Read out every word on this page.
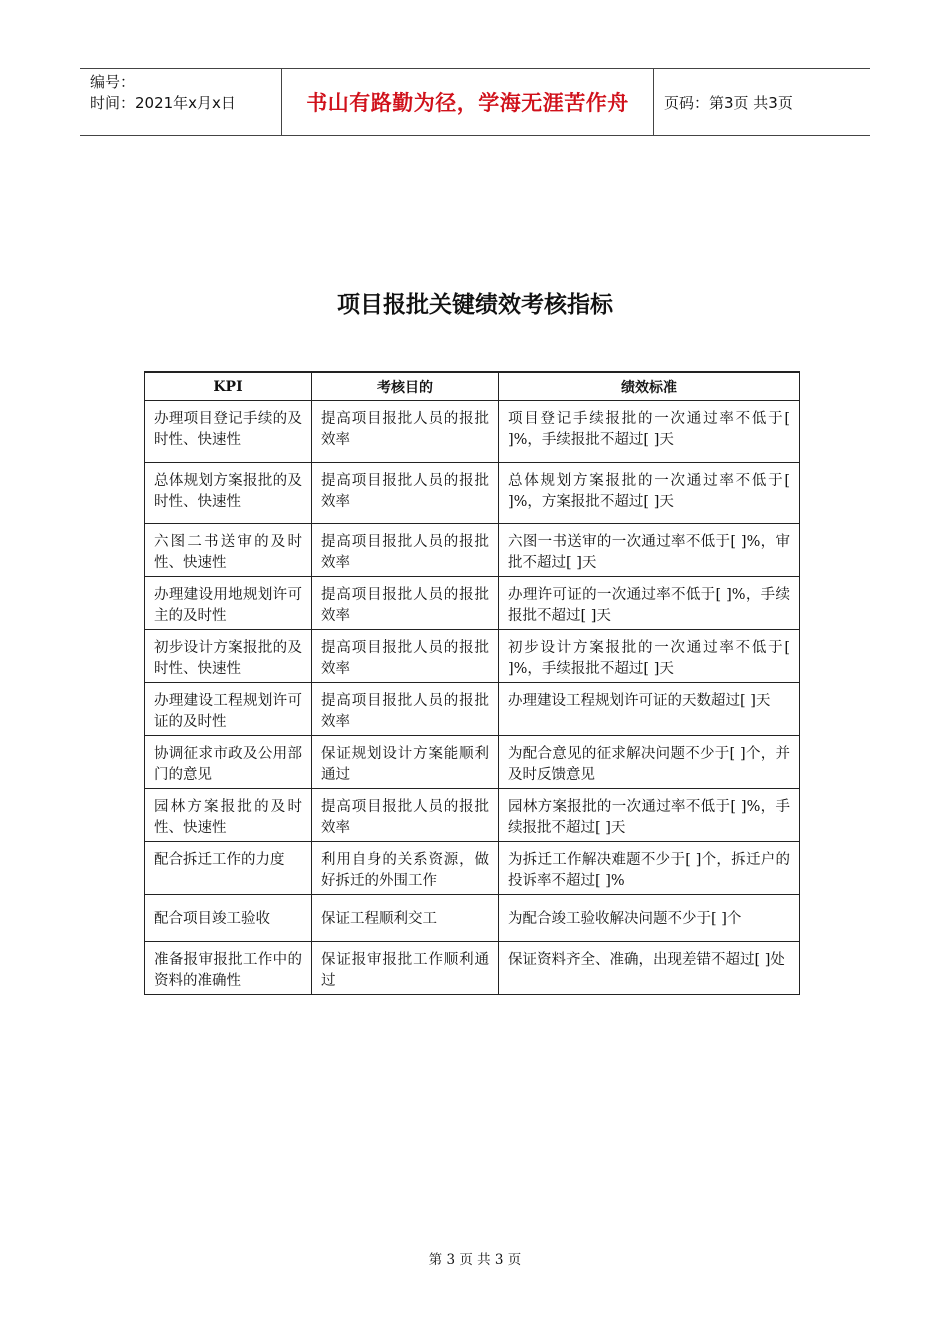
编号：
时间：2021年x月x日	书山有路勤为径，学海无涯苦作舟	页码：第3页 共3页
项目报批关键绩效考核指标
KPI	考核目的	绩效标准
办理项目登记手续的及时性、快速性	提高项目报批人员的报批效率	项目登记手续报批的一次通过率不低于[ ]%，手续报批不超过[ ]天
总体规划方案报批的及时性、快速性	提高项目报批人员的报批效率	总体规划方案报批的一次通过率不低于[ ]%，方案报批不超过[ ]天
六图二书送审的及时性、快速性	提高项目报批人员的报批效率	六图一书送审的一次通过率不低于[ ]%，审批不超过[ ]天
办理建设用地规划许可主的及时性	提高项目报批人员的报批效率	办理许可证的一次通过率不低于[ ]%，手续报批不超过[ ]天
初步设计方案报批的及时性、快速性	提高项目报批人员的报批效率	初步设计方案报批的一次通过率不低于[ ]%，手续报批不超过[ ]天
办理建设工程规划许可证的及时性	提高项目报批人员的报批效率	办理建设工程规划许可证的天数超过[ ]天
协调征求市政及公用部门的意见	保证规划设计方案能顺利通过	为配合意见的征求解决问题不少于[ ]个，并及时反馈意见
园林方案报批的及时性、快速性	提高项目报批人员的报批效率	园林方案报批的一次通过率不低于[ ]%，手续报批不超过[ ]天
配合拆迁工作的力度	利用自身的关系资源，做好拆迁的外围工作	为拆迁工作解决难题不少于[ ]个，拆迁户的投诉率不超过[ ]%
配合项目竣工验收	保证工程顺利交工	为配合竣工验收解决问题不少于[ ]个
准备报审报批工作中的资料的准确性	保证报审报批工作顺利通过	保证资料齐全、准确，出现差错不超过[ ]处
第 3 页 共 3 页
